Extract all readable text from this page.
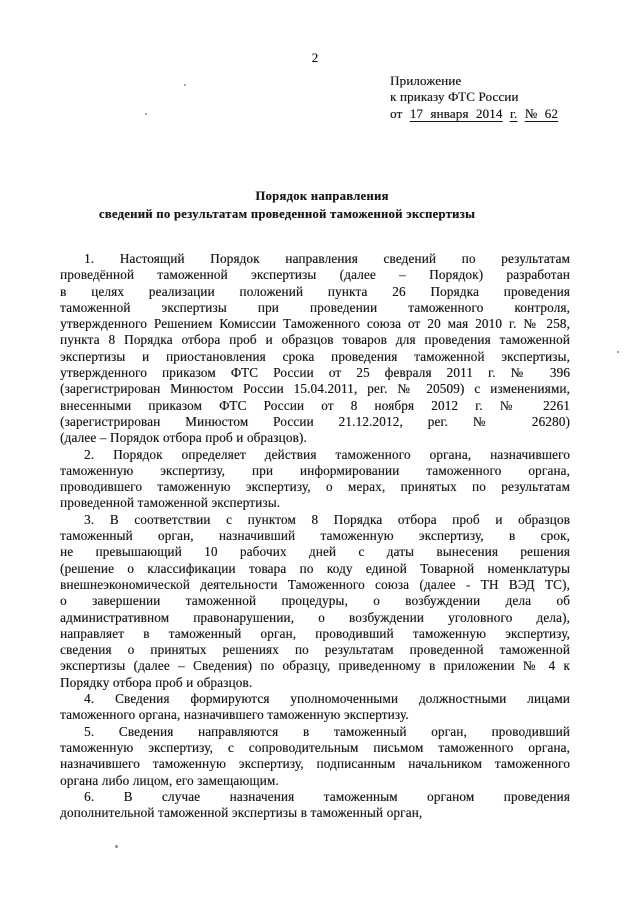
2
Приложение
к приказу ФТС России
от 17 января 2014 г. № 62
Порядок направления
сведений по результатам проведенной таможенной экспертизы
1. Настоящий Порядок направления сведений по результатам
проведённой таможенной экспертизы (далее – Порядок) разработан
в целях реализации положений пункта 26 Порядка проведения
таможенной экспертизы при проведении таможенного контроля,
утвержденного Решением Комиссии Таможенного союза от 20 мая 2010 г. № 258,
пункта 8 Порядка отбора проб и образцов товаров для проведения таможенной
экспертизы и приостановления срока проведения таможенной экспертизы,
утвержденного приказом ФТС России от 25 февраля 2011 г. № 396
(зарегистрирован Минюстом России 15.04.2011, рег. № 20509) с изменениями,
внесенными приказом ФТС России от 8 ноября 2012 г. № 2261
(зарегистрирован Минюстом России 21.12.2012, рег. № 26280)
(далее – Порядок отбора проб и образцов).
2. Порядок определяет действия таможенного органа, назначившего
таможенную экспертизу, при информировании таможенного органа,
проводившего таможенную экспертизу, о мерах, принятых по результатам
проведенной таможенной экспертизы.
3. В соответствии с пунктом 8 Порядка отбора проб и образцов
таможенный орган, назначивший таможенную экспертизу, в срок,
не превышающий 10 рабочих дней с даты вынесения решения
(решение о классификации товара по коду единой Товарной номенклатуры
внешнеэкономической деятельности Таможенного союза (далее - ТН ВЭД ТС),
о завершении таможенной процедуры, о возбуждении дела об
административном правонарушении, о возбуждении уголовного дела),
направляет в таможенный орган, проводивший таможенную экспертизу,
сведения о принятых решениях по результатам проведенной таможенной
экспертизы (далее – Сведения) по образцу, приведенному в приложении № 4 к
Порядку отбора проб и образцов.
4. Сведения формируются уполномоченными должностными лицами
таможенного органа, назначившего таможенную экспертизу.
5. Сведения направляются в таможенный орган, проводивший
таможенную экспертизу, с сопроводительным письмом таможенного органа,
назначившего таможенную экспертизу, подписанным начальником таможенного
органа либо лицом, его замещающим.
6. В случае назначения таможенным органом проведения
дополнительной таможенной экспертизы в таможенный орган,
